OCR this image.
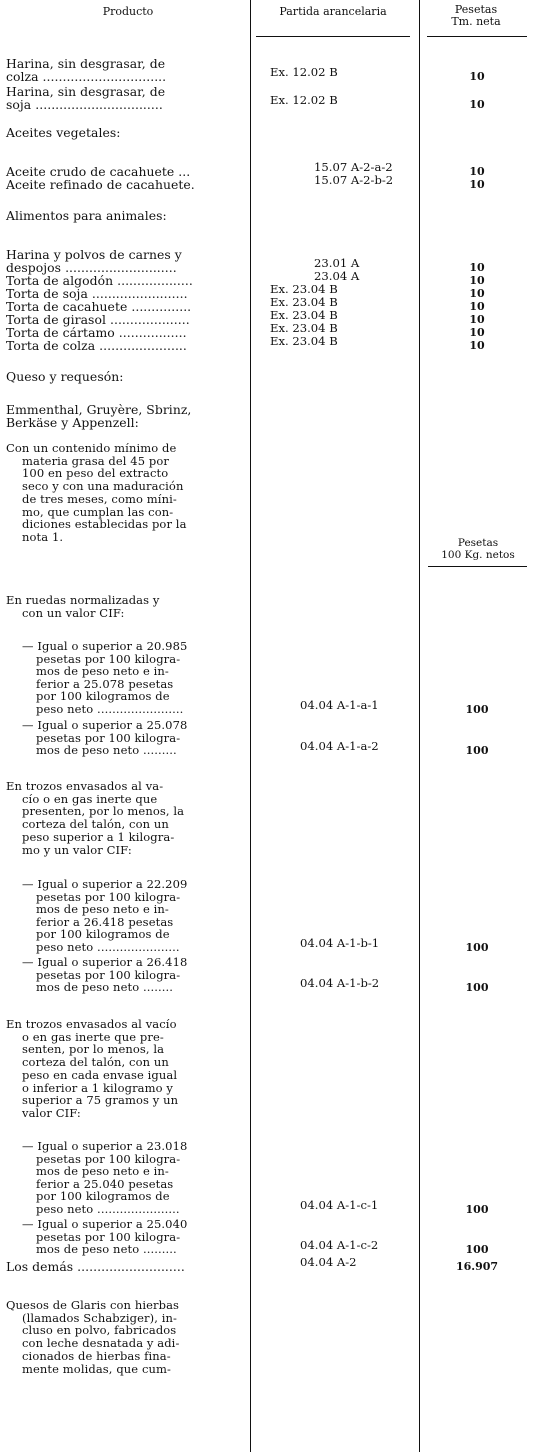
Producto	Partida arancelaria	Pesetas
Tm. neta
Pesetas
100 Kg. netos
Harina, sin desgrasar, de
colza ...............................	Ex. 12.02 B	10
Harina, sin desgrasar, de
soja ................................	Ex. 12.02 B	10
Aceites vegetales:
Aceite crudo de cacahuete ...	15.07 A-2-a-2	10
Aceite refinado de cacahuete.	15.07 A-2-b-2	10
Alimentos para animales:
Harina y polvos de carnes y
despojos ............................	23.01 A	10
Torta de algodón ...................	23.04 A	10
Torta de soja ........................	Ex. 23.04 B	10
Torta de cacahuete ...............	Ex. 23.04 B	10
Torta de girasol ....................	Ex. 23.04 B	10
Torta de cártamo .................	Ex. 23.04 B	10
Torta de colza ......................	Ex. 23.04 B	10
Queso y requesón:
Emmenthal, Gruyère, Sbrinz,
Berkäse y Appenzell:
Con un contenido mínimo de
materia grasa del 45 por
100 en peso del extracto
seco y con una maduración
de tres meses, como míni-
mo, que cumplan las con-
diciones establecidas por la
nota 1.
En ruedas normalizadas y
con un valor CIF:
— Igual o superior a 20.985
pesetas por 100 kilogra-
mos de peso neto e in-
ferior a 25.078 pesetas
por 100 kilogramos de
peso neto .......................	04.04 A-1-a-1	100
— Igual o superior a 25.078
pesetas por 100 kilogra-
mos de peso neto .........	04.04 A-1-a-2	100
En trozos envasados al va-
cío o en gas inerte que
presenten, por lo menos, la
corteza del talón, con un
peso superior a 1 kilogra-
mo y un valor CIF:
— Igual o superior a 22.209
pesetas por 100 kilogra-
mos de peso neto e in-
ferior a 26.418 pesetas
por 100 kilogramos de
peso neto ......................	04.04 A-1-b-1	100
— Igual o superior a 26.418
pesetas por 100 kilogra-
mos de peso neto ........	04.04 A-1-b-2	100
En trozos envasados al vacío
o en gas inerte que pre-
senten, por lo menos, la
corteza del talón, con un
peso en cada envase igual
o inferior a 1 kilogramo y
superior a 75 gramos y un
valor CIF:
— Igual o superior a 23.018
pesetas por 100 kilogra-
mos de peso neto e in-
ferior a 25.040 pesetas
por 100 kilogramos de
peso neto ......................	04.04 A-1-c-1	100
— Igual o superior a 25.040
pesetas por 100 kilogra-
mos de peso neto .........	04.04 A-1-c-2	100
Los demás ...........................	04.04 A-2	16.907
Quesos de Glaris con hierbas
(llamados Schabziger), in-
cluso en polvo, fabricados
con leche desnatada y adi-
cionados de hierbas fina-
mente molidas, que cum-
